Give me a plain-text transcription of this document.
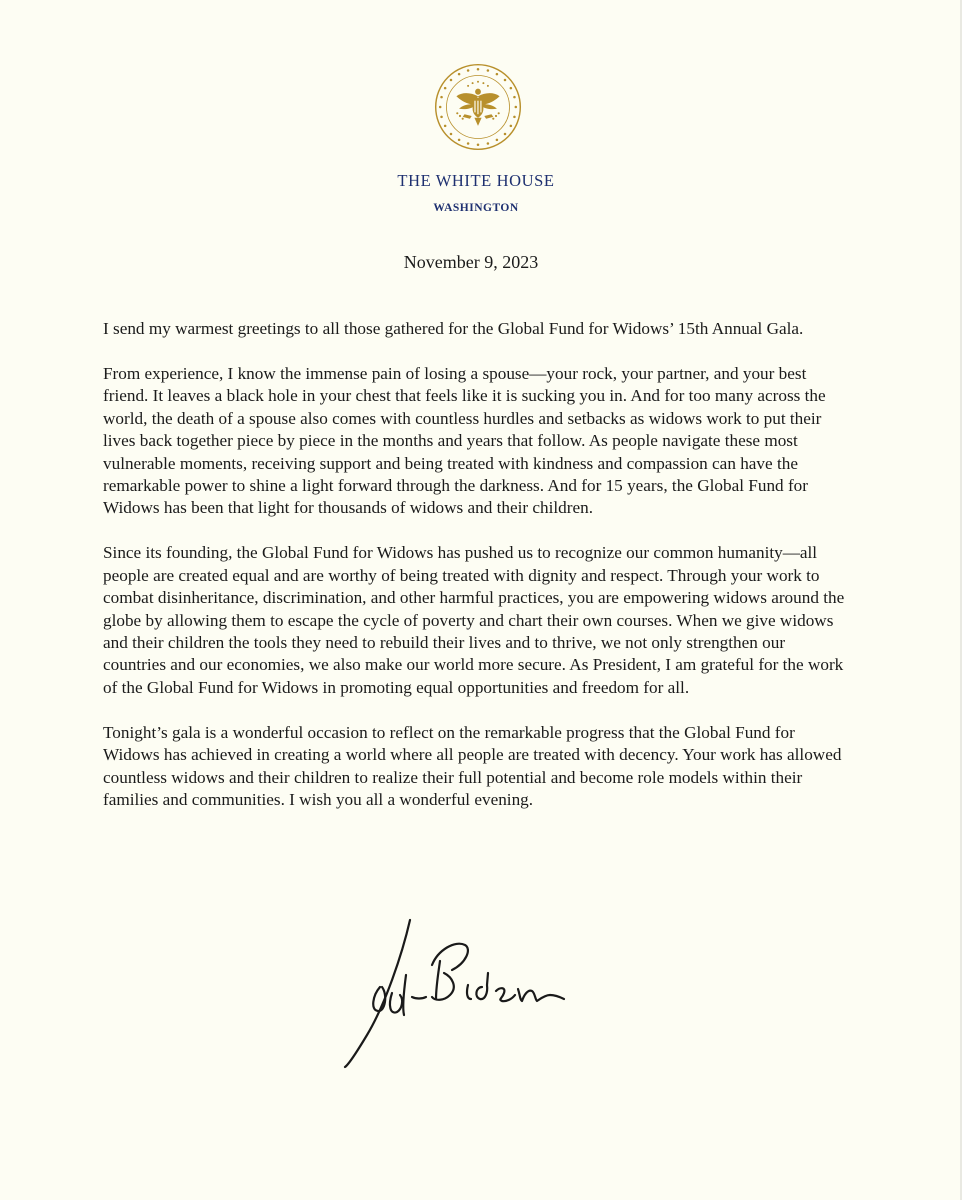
THE WHITE HOUSE
WASHINGTON
November 9, 2023

I send my warmest greetings to all those gathered for the Global Fund for Widows’ 15th Annual Gala.

From experience, I know the immense pain of losing a spouse—your rock, your partner, and your best friend. It leaves a black hole in your chest that feels like it is sucking you in. And for too many across the world, the death of a spouse also comes with countless hurdles and setbacks as widows work to put their lives back together piece by piece in the months and years that follow. As people navigate these most vulnerable moments, receiving support and being treated with kindness and compassion can have the remarkable power to shine a light forward through the darkness. And for 15 years, the Global Fund for Widows has been that light for thousands of widows and their children.

Since its founding, the Global Fund for Widows has pushed us to recognize our common humanity—all people are created equal and are worthy of being treated with dignity and respect. Through your work to combat disinheritance, discrimination, and other harmful practices, you are empowering widows around the globe by allowing them to escape the cycle of poverty and chart their own courses. When we give widows and their children the tools they need to rebuild their lives and to thrive, we not only strengthen our countries and our economies, we also make our world more secure. As President, I am grateful for the work of the Global Fund for Widows in promoting equal opportunities and freedom for all.

Tonight’s gala is a wonderful occasion to reflect on the remarkable progress that the Global Fund for Widows has achieved in creating a world where all people are treated with decency. Your work has allowed countless widows and their children to realize their full potential and become role models within their families and communities. I wish you all a wonderful evening.
